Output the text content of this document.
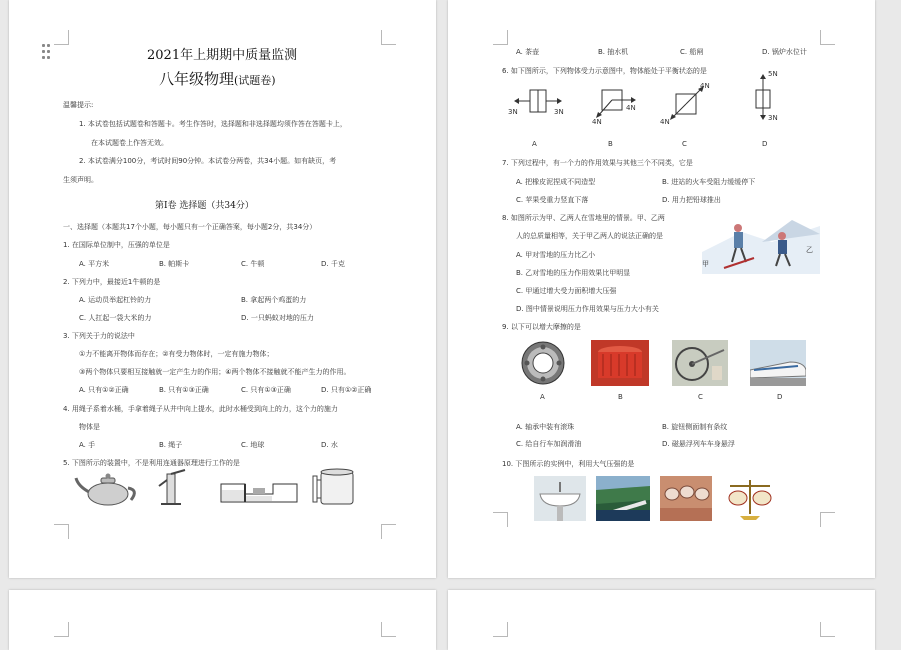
2021年上期期中质量监测
八年级物理(试题卷)
温馨提示:
1. 本试卷包括试题卷和答题卡。考生作答时，选择题和非选择题均须作答在答题卡上，
在本试题卷上作答无效。
2. 本试卷满分100分，考试时间90分钟。本试卷分两卷，共34小题。如有缺页，考
生须声明。
第Ⅰ卷 选择题（共34分）
一、选择题（本题共17个小题，每小题只有一个正确答案，每小题2分，共34分）
1. 在国际单位制中，压强的单位是
A. 平方米	B. 帕斯卡	C. 牛顿	D. 千克
2. 下列力中，最接近1牛顿的是
A. 运动员举起杠铃的力	B. 拿起两个鸡蛋的力
C. 人扛起一袋大米的力	D. 一只蚂蚁对地的压力
3. 下列关于力的说法中
①力不能离开物体而存在；②有受力物体时，一定有施力物体；
③两个物体只要相互接触就一定产生力的作用；④两个物体不接触就不能产生力的作用。
A. 只有①②正确	B. 只有①③正确	C. 只有①③正确	D. 只有①②正确
4. 用绳子系着水桶，手拿着绳子从井中向上提水，此时水桶受到向上的力，这个力的施力
物体是
A. 手	B. 绳子	C. 地球	D. 水
5. 下图所示的装置中，不是利用连通器原理进行工作的是
A. 茶壶	B. 抽水机	C. 船闸	D. 锅炉水位计
6. 如下图所示，下列物体受力示意图中，物体能处于平衡状态的是
3N	3N
4N
4N
4N
4N
5N
3N
A	B	C	D
7. 下列过程中，有一个力的作用效果与其他三个不同类，它是
A. 把橡皮泥捏成不同造型	B. 进站的火车受阻力缓缓停下
C. 苹果受重力竖直下落	D. 用力把铅球推出
8. 如图所示为甲、乙两人在雪地里的情景。甲、乙两
人的总质量相等，关于甲乙两人的说法正确的是
A. 甲对雪地的压力比乙小
B. 乙对雪地的压力作用效果比甲明显
C. 甲通过增大受力面积增大压强
D. 图中情景说明压力作用效果与压力大小有关
甲
乙
9. 以下可以增大摩擦的是
A	B	C	D
A. 轴承中装有滚珠	B. 旋钮侧面制有条纹
C. 给自行车加润滑油	D. 磁悬浮列车车身悬浮
10. 下图所示的实例中，利用大气压强的是
